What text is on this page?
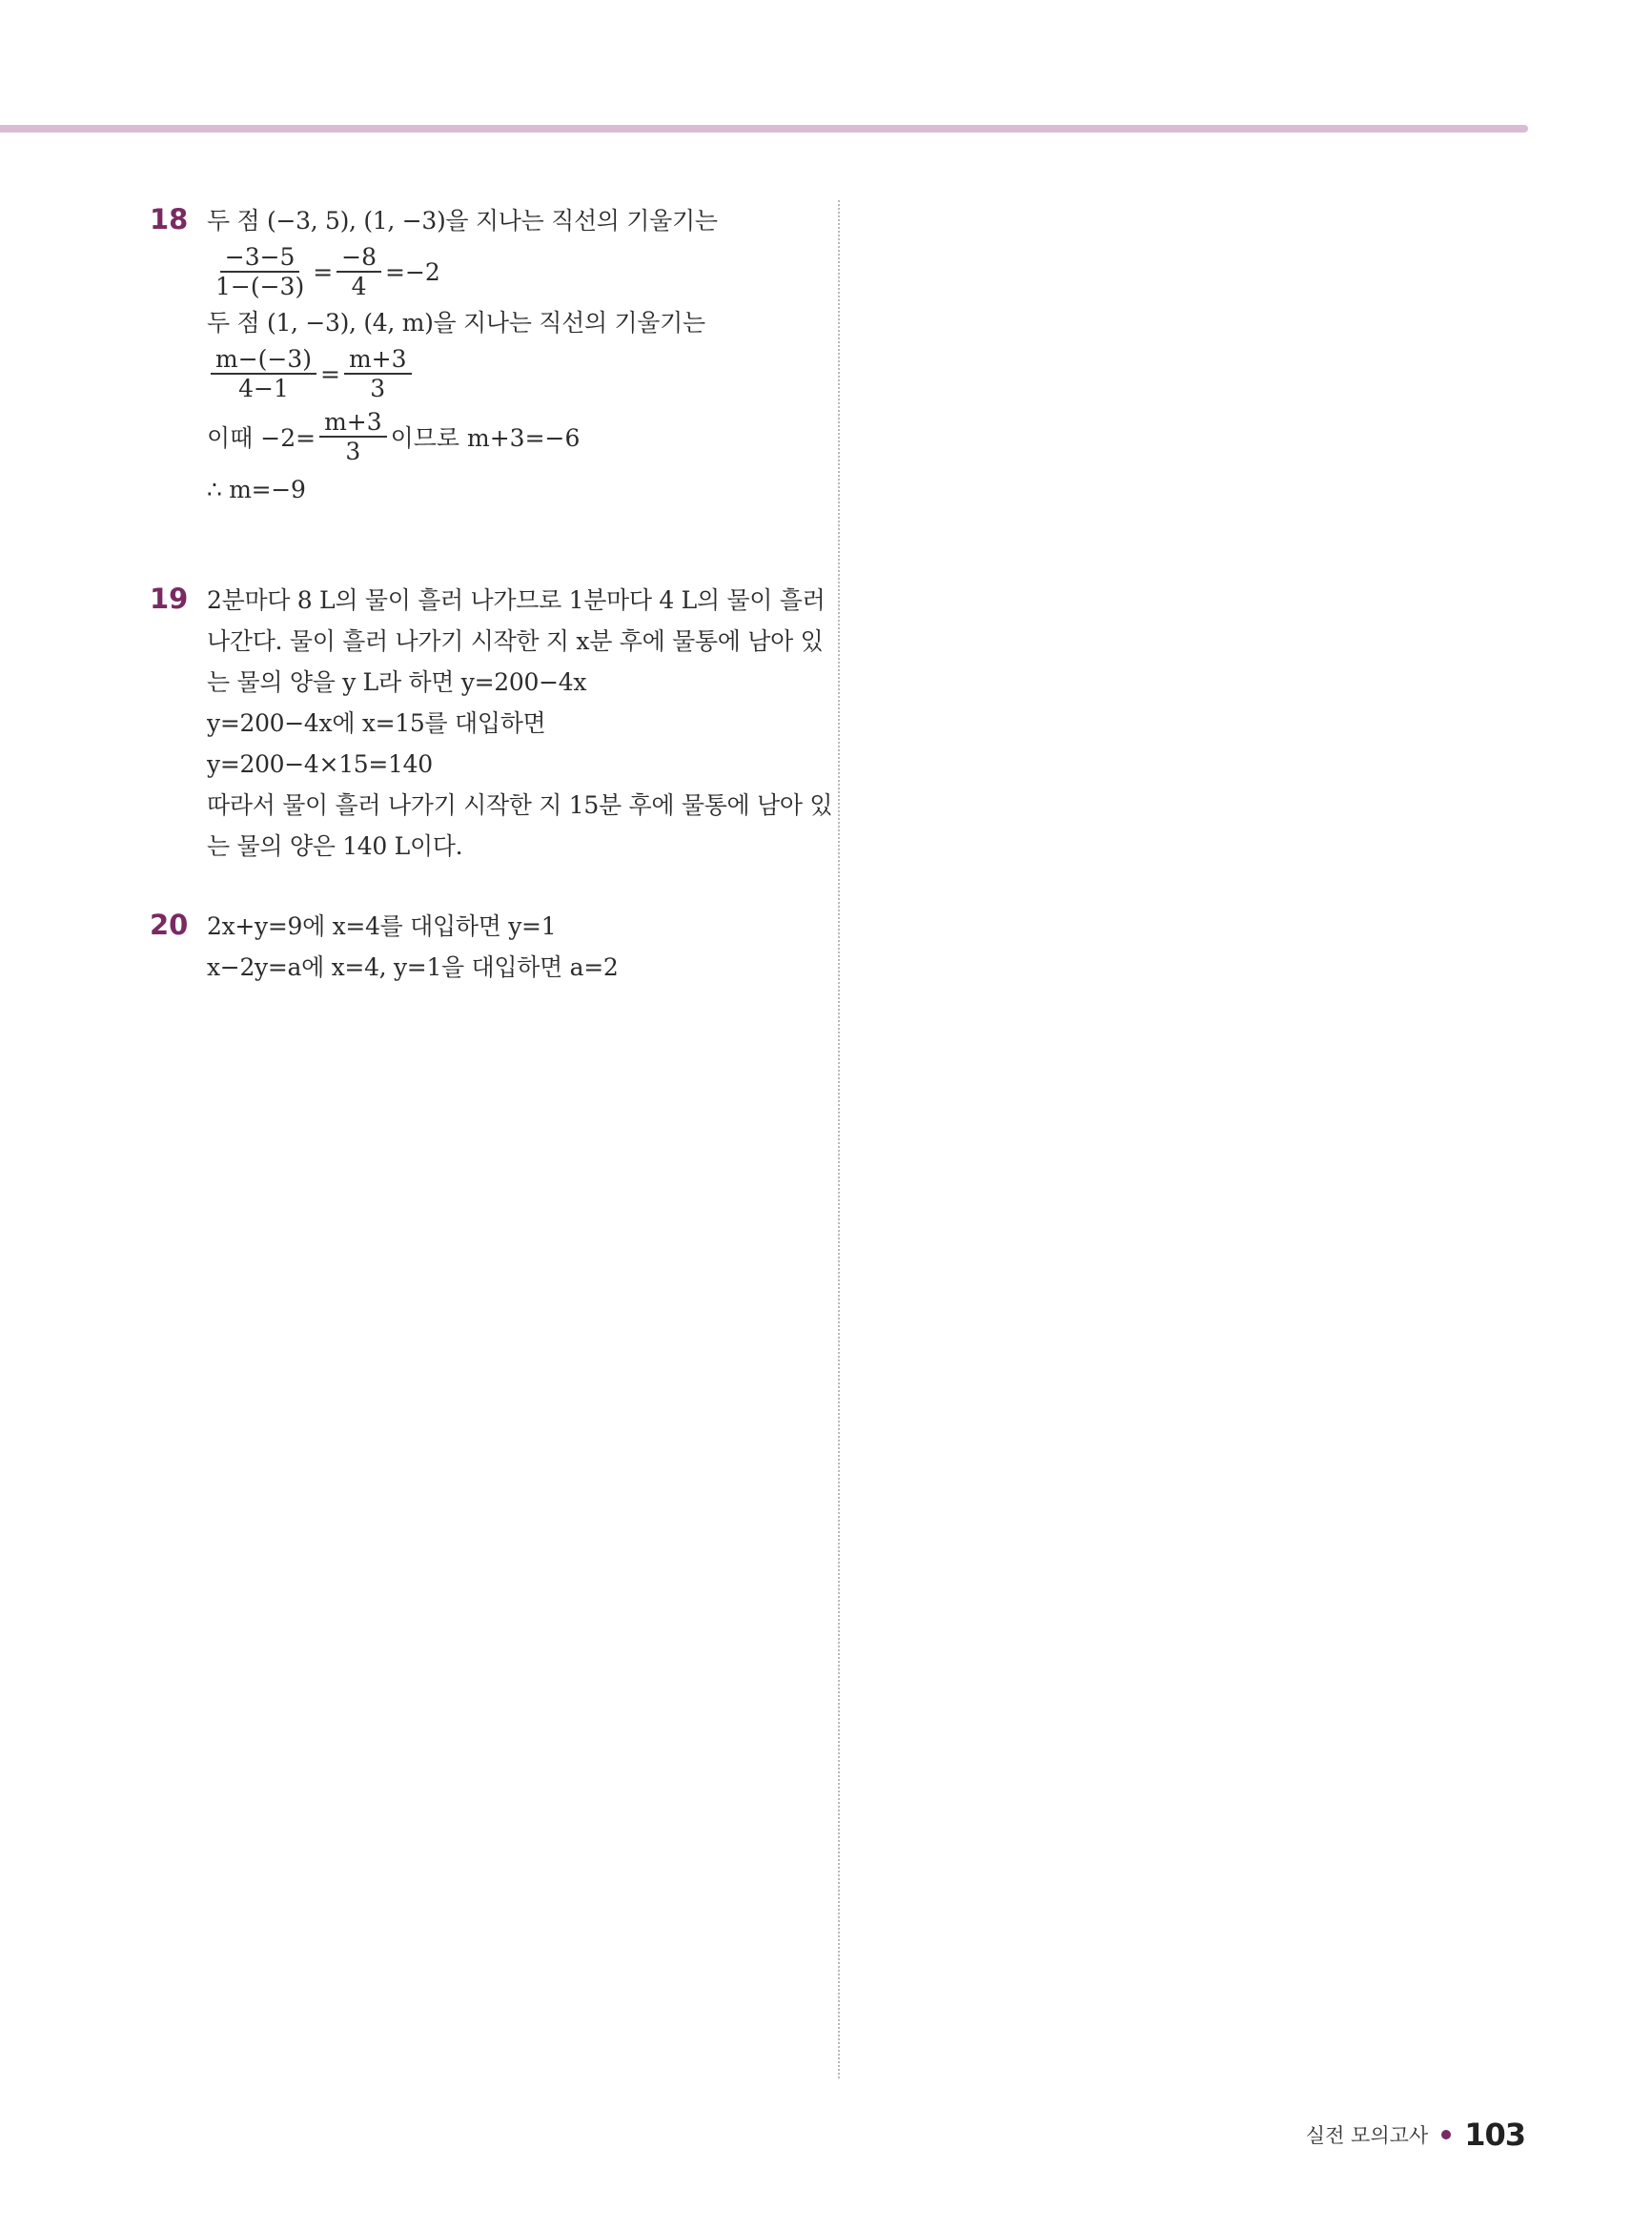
18 두 점 (−3, 5), (1, −3)을 지나는 직선의 기울기는
$\frac{-3-5}{1-(-3)} = \frac{-8}{4} =-2$
두 점 (1, −3), (4, m)을 지나는 직선의 기울기는
$\frac{m-(-3)}{4-1} = \frac{m+3}{3}$
이때 $-2= \frac{m+3}{3}$ 이므로 m+3=−6
∴ m=−9
19 2분마다 8 L의 물이 흘러 나가므로 1분마다 4 L의 물이 흘러
나간다. 물이 흘러 나가기 시작한 지 x분 후에 물통에 남아 있
는 물의 양을 y L라 하면 y=200−4x
y=200−4x에 x=15를 대입하면
y=200−4×15=140
따라서 물이 흘러 나가기 시작한 지 15분 후에 물통에 남아 있
는 물의 양은 140 L이다.
20 2x+y=9에 x=4를 대입하면 y=1
x−2y=a에 x=4, y=1을 대입하면 a=2
실전 모의고사 103
